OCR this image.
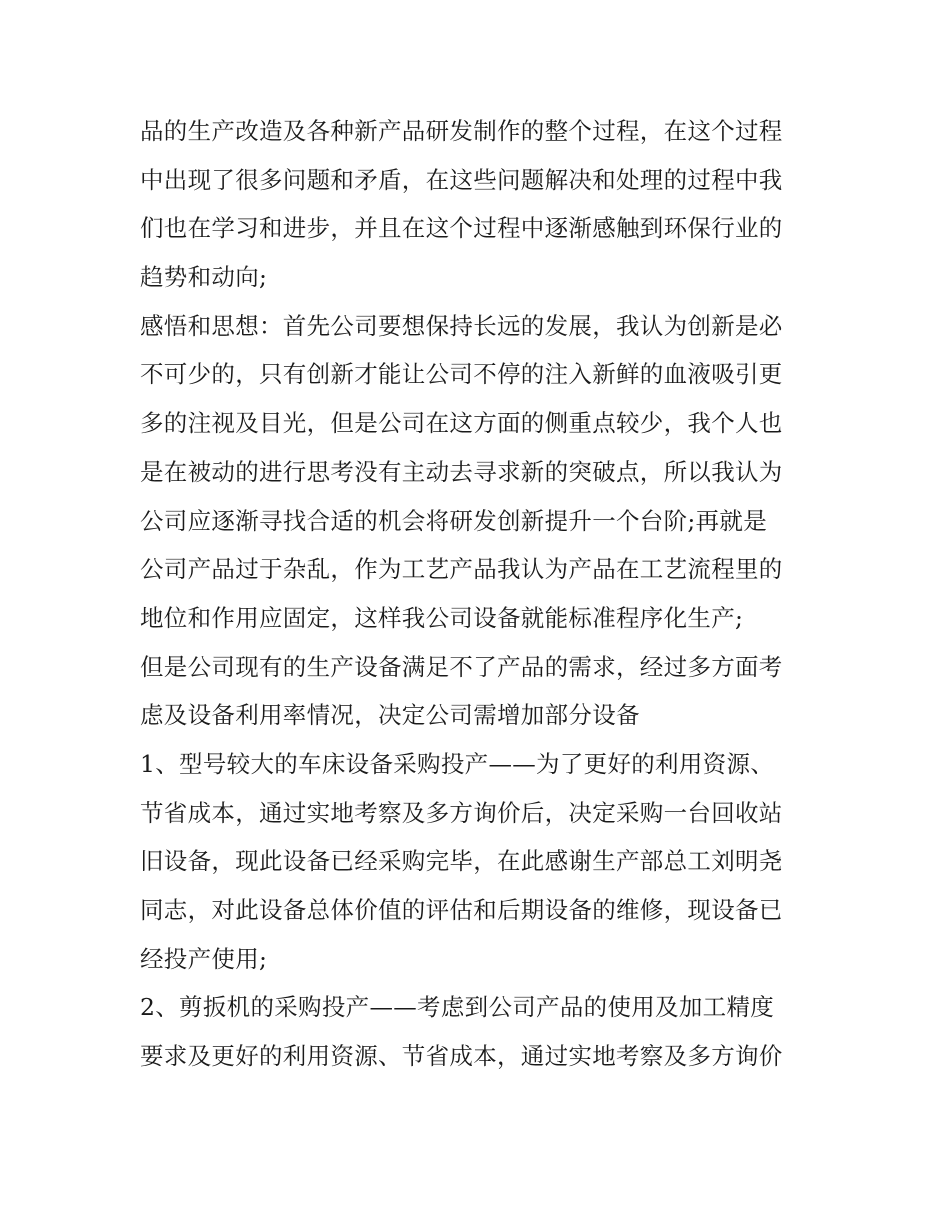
品的生产改造及各种新产品研发制作的整个过程，在这个过程
中出现了很多问题和矛盾，在这些问题解决和处理的过程中我
们也在学习和进步，并且在这个过程中逐渐感触到环保行业的
趋势和动向;
感悟和思想：首先公司要想保持长远的发展，我认为创新是必
不可少的，只有创新才能让公司不停的注入新鲜的血液吸引更
多的注视及目光，但是公司在这方面的侧重点较少，我个人也
是在被动的进行思考没有主动去寻求新的突破点，所以我认为
公司应逐渐寻找合适的机会将研发创新提升一个台阶;再就是
公司产品过于杂乱，作为工艺产品我认为产品在工艺流程里的
地位和作用应固定，这样我公司设备就能标准程序化生产;
但是公司现有的生产设备满足不了产品的需求，经过多方面考
虑及设备利用率情况，决定公司需增加部分设备
1、型号较大的车床设备采购投产——为了更好的利用资源、
节省成本，通过实地考察及多方询价后，决定采购一台回收站
旧设备，现此设备已经采购完毕，在此感谢生产部总工刘明尧
同志，对此设备总体价值的评估和后期设备的维修，现设备已
经投产使用;
2、剪扳机的采购投产——考虑到公司产品的使用及加工精度
要求及更好的利用资源、节省成本，通过实地考察及多方询价
